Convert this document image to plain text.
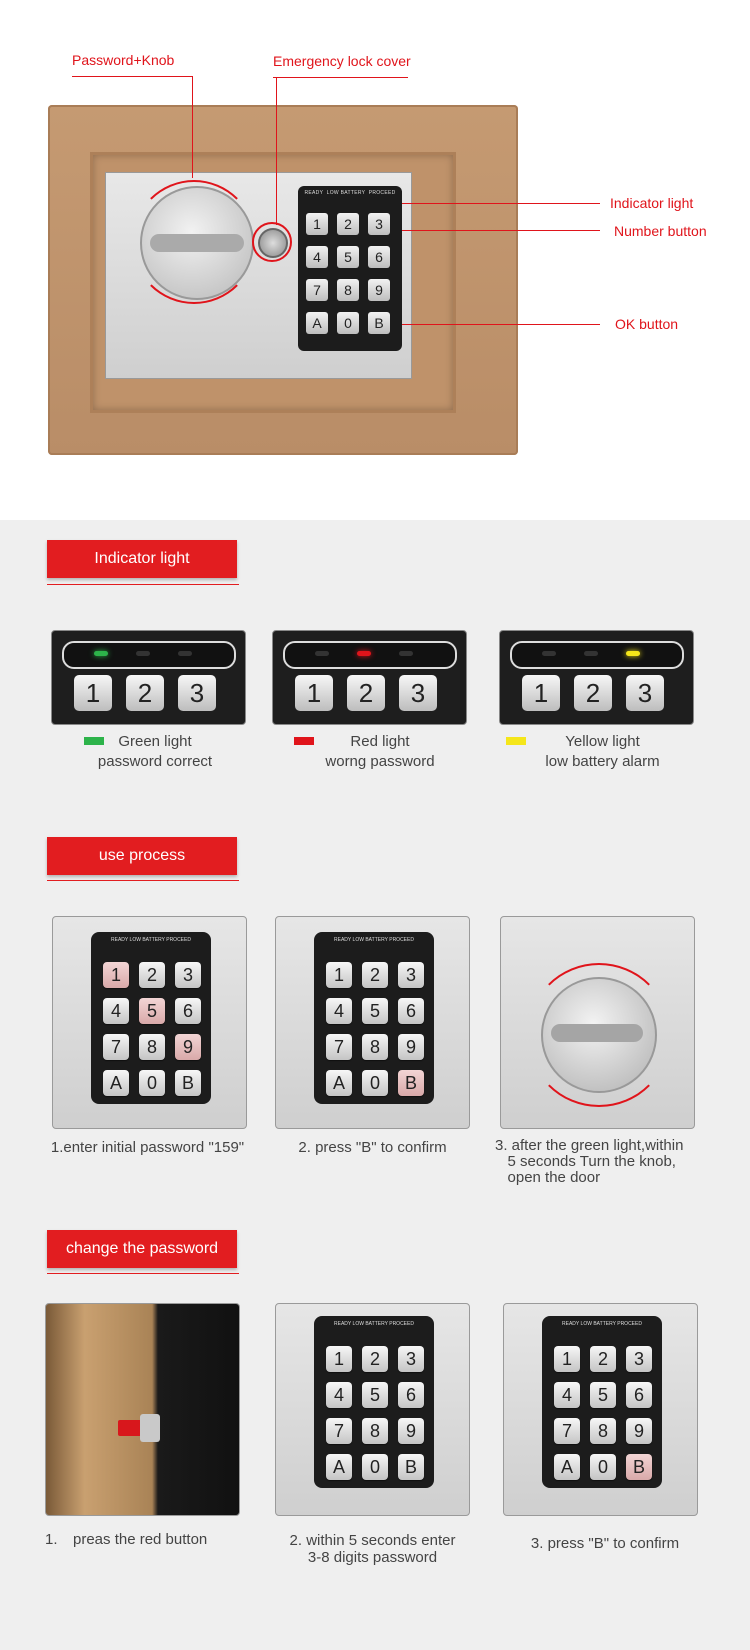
Password+Knob	Emergency lock cover
Indicator light
Number button
OK button
READY LOW BATTERY PROCEED
1	2	3
4	5	6
7	8	9
A	0	B
Indicator light
1	2	3	1	2	3	1	2	3
Green light
password correct
Red light
worng password
Yellow light
low battery alarm
use process
READY LOW BATTERY PROCEED
1	2	3
4	5	6
7	8	9
A	0	B
READY LOW BATTERY PROCEED
1	2	3
4	5	6
7	8	9
A	0	B
1.enter initial password "159"	2. press "B" to confirm	3. after the green light,within
5 seconds Turn the knob,
open the door
change the password
READY LOW BATTERY PROCEED
1	2	3
4	5	6
7	8	9
A	0	B
READY LOW BATTERY PROCEED
1	2	3
4	5	6
7	8	9
A	0	B
1.	preas the red button	2. within 5 seconds enter
3-8 digits password
3. press "B" to confirm
